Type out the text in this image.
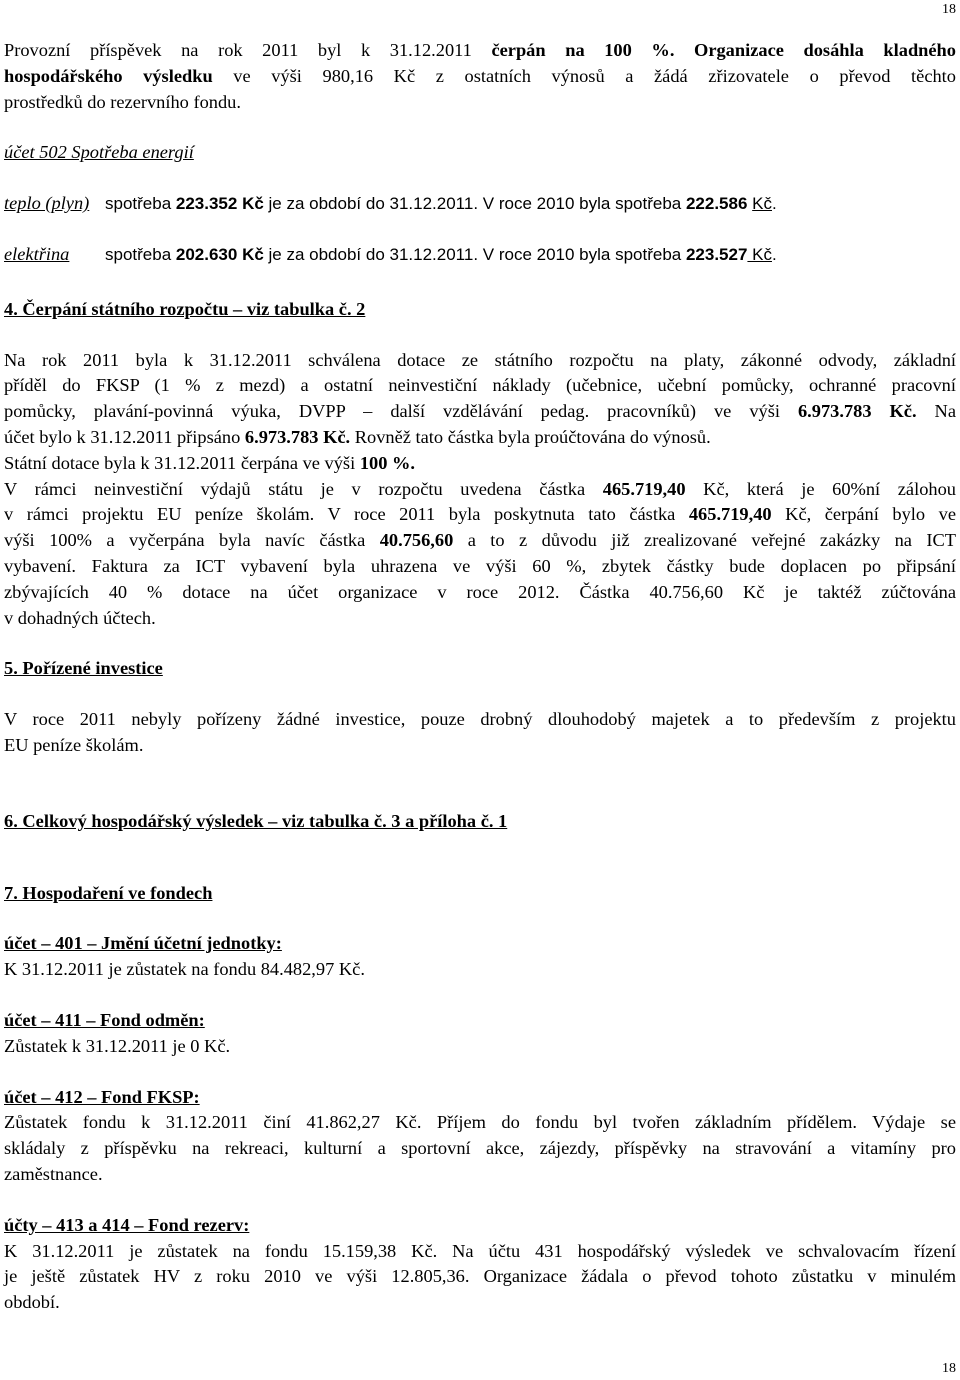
18

Provozní příspěvek na rok 2011 byl k 31.12.2011 čerpán na 100 %. Organizace dosáhla kladného

hospodářského výsledku ve výši 980,16 Kč z ostatních výnosů a žádá zřizovatele o převod těchto

prostředků do rezervního fondu.

účet 502 Spotřeba energií

teplo (plyn) spotřeba 223.352 Kč je za období do 31.12.2011. V roce 2010 byla spotřeba 222.586 Kč.

elektřina spotřeba 202.630 Kč je za období do 31.12.2011. V roce 2010 byla spotřeba 223.527 Kč.

4. Čerpání státního rozpočtu – viz tabulka č. 2

Na rok 2011 byla k 31.12.2011 schválena dotace ze státního rozpočtu na platy, zákonné odvody, základní

příděl do FKSP (1 % z mezd) a ostatní neinvestiční náklady (učebnice, učební pomůcky, ochranné pracovní

pomůcky, plavání-povinná výuka, DVPP – další vzdělávání pedag. pracovníků) ve výši 6.973.783 Kč. Na

účet bylo k 31.12.2011 připsáno 6.973.783 Kč. Rovněž tato částka byla proúčtována do výnosů.

Státní dotace byla k 31.12.2011 čerpána ve výši 100 %.

V rámci neinvestiční výdajů státu je v rozpočtu uvedena částka 465.719,40 Kč, která je 60%ní zálohou

v rámci projektu EU peníze školám. V roce 2011 byla poskytnuta tato částka 465.719,40 Kč, čerpání bylo ve

výši 100% a vyčerpána byla navíc částka 40.756,60 a to z důvodu již zrealizované veřejné zakázky na ICT

vybavení. Faktura za ICT vybavení byla uhrazena ve výši 60 %, zbytek částky bude doplacen po připsání

zbývajících 40 % dotace na účet organizace v roce 2012. Částka 40.756,60 Kč je taktéž zúčtována

v dohadných účtech.

5. Pořízené investice

V roce 2011 nebyly pořízeny žádné investice, pouze drobný dlouhodobý majetek a to především z projektu

EU peníze školám.

6. Celkový hospodářský výsledek – viz tabulka č. 3 a příloha č. 1

7. Hospodaření ve fondech

účet – 401 – Jmění účetní jednotky:

K 31.12.2011 je zůstatek na fondu 84.482,97 Kč.

účet – 411 – Fond odměn:

Zůstatek k 31.12.2011 je 0 Kč.

účet – 412 – Fond FKSP:

Zůstatek fondu k 31.12.2011 činí 41.862,27 Kč. Příjem do fondu byl tvořen základním přídělem. Výdaje se

skládaly z příspěvku na rekreaci, kulturní a sportovní akce, zájezdy, příspěvky na stravování a vitamíny pro

zaměstnance.

účty – 413 a 414 – Fond rezerv:

K 31.12.2011 je zůstatek na fondu 15.159,38 Kč. Na účtu 431 hospodářský výsledek ve schvalovacím řízení

je ještě zůstatek HV z roku 2010 ve výši 12.805,36. Organizace žádala o převod tohoto zůstatku v minulém

období.

18
